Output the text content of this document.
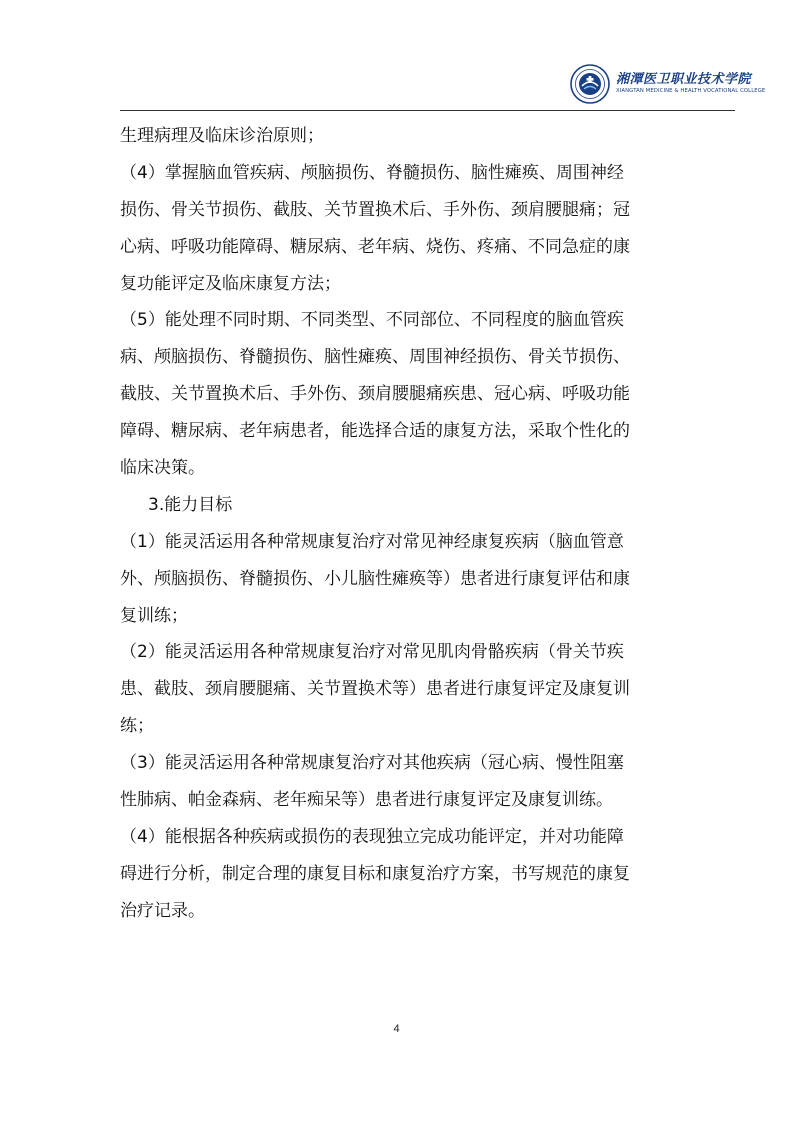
湘潭医卫职业技术学院
XIANGTAN MEDICINE & HEALTH VOCATIONAL COLLEGE
生理病理及临床诊治原则；
（4）掌握脑血管疾病、颅脑损伤、脊髓损伤、脑性瘫痪、周围神经
损伤、骨关节损伤、截肢、关节置换术后、手外伤、颈肩腰腿痛；冠
心病、呼吸功能障碍、糖尿病、老年病、烧伤、疼痛、不同急症的康
复功能评定及临床康复方法；
（5）能处理不同时期、不同类型、不同部位、不同程度的脑血管疾
病、颅脑损伤、脊髓损伤、脑性瘫痪、周围神经损伤、骨关节损伤、
截肢、关节置换术后、手外伤、颈肩腰腿痛疾患、冠心病、呼吸功能
障碍、糖尿病、老年病患者，能选择合适的康复方法，采取个性化的
临床决策。
3.能力目标
（1）能灵活运用各种常规康复治疗对常见神经康复疾病（脑血管意
外、颅脑损伤、脊髓损伤、小儿脑性瘫痪等）患者进行康复评估和康
复训练；
（2）能灵活运用各种常规康复治疗对常见肌肉骨骼疾病（骨关节疾
患、截肢、颈肩腰腿痛、关节置换术等）患者进行康复评定及康复训
练；
（3）能灵活运用各种常规康复治疗对其他疾病（冠心病、慢性阻塞
性肺病、帕金森病、老年痴呆等）患者进行康复评定及康复训练。
（4）能根据各种疾病或损伤的表现独立完成功能评定，并对功能障
碍进行分析，制定合理的康复目标和康复治疗方案，书写规范的康复
治疗记录。
4
